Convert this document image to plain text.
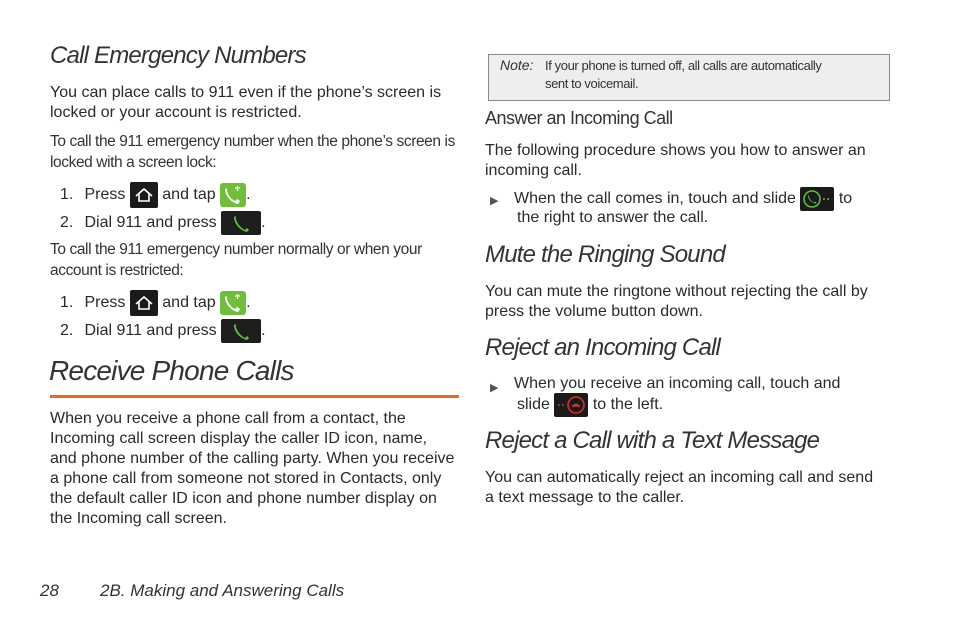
Call Emergency Numbers
You can place calls to 911 even if the phone’s screen is locked or your account is restricted.
To call the 911 emergency number when the phone’s screen is locked with a screen lock:
1. Press and tap .
2. Dial 911 and press	.
To call the 911 emergency number normally or when your account is restricted:
1. Press and tap .
2. Dial 911 and press	.
Receive Phone Calls
When you receive a phone call from a contact, the Incoming call screen display the caller ID icon, name, and phone number of the calling party. When you receive a phone call from someone not stored in Contacts, only the default caller ID icon and phone number display on the Incoming call screen.
Note: If your phone is turned off, all calls are automatically
sent to voicemail.
Answer an Incoming Call
The following procedure shows you how to answer an incoming call.
▶ When the call comes in, touch and slide	to
the right to answer the call.
Mute the Ringing Sound
You can mute the ringtone without rejecting the call by press the volume button down.
Reject an Incoming Call
▶ When you receive an incoming call, touch and
slide	to the left.
Reject a Call with a Text Message
You can automatically reject an incoming call and send a text message to the caller.
28 2B. Making and Answering Calls
